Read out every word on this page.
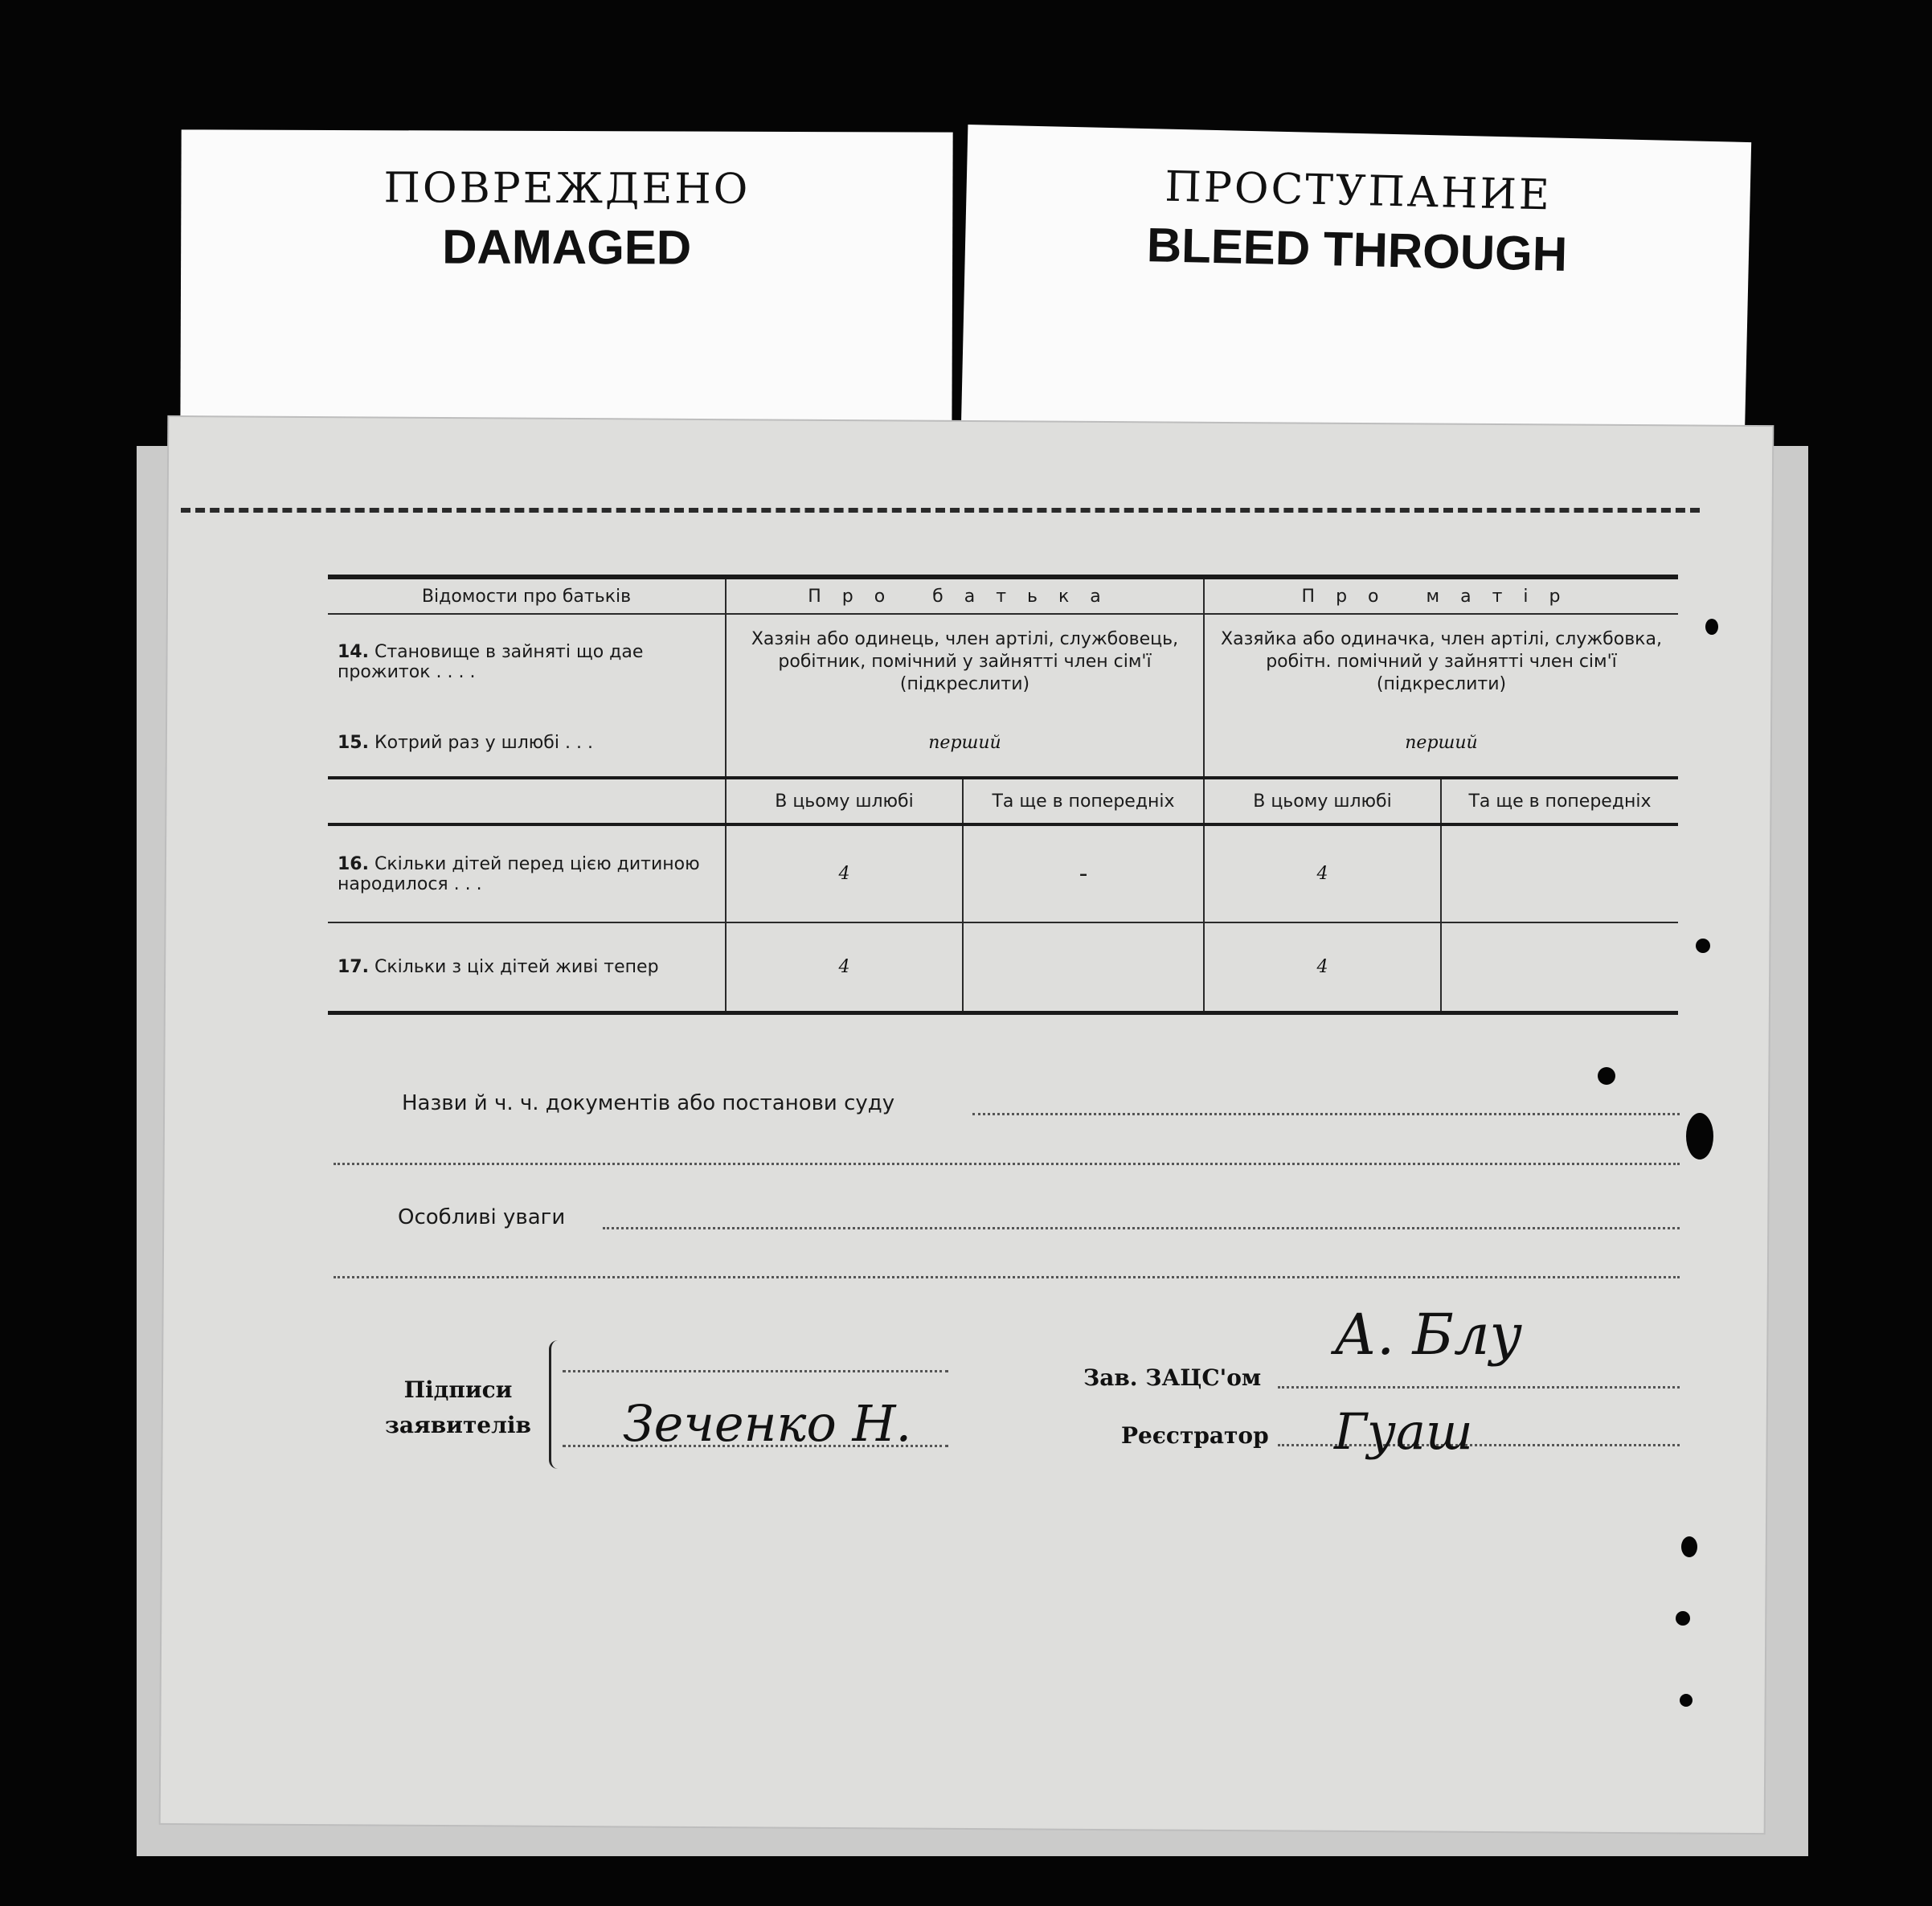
ПОВРЕЖДЕНО
DAMAGED
ПРОСТУПАНИЕ
BLEED THROUGH
Відомости про батьків	Про батька		Про матір	
14. Становище в зайняті що дае прожиток . . . .	Хазяін або одинець, член артілі, службовець, робітник, помічний у зайнятті член сім'ї (підкреслити)		Хазяйка або одиначка, член артілі, службовка, робітн. помічний у зайнятті член сім'ї (підкреслити)	
15. Котрий раз у шлюбі . . .	перший		перший	
	В цьому шлюбі	Та ще в попередніх	В цьому шлюбі	Та ще в попередніх
16. Скільки дітей перед цією дитиною народилося . . .	4	-	4	
17. Скільки з ціх дітей живі тепер	4		4	
Назви й ч. ч. документів або постанови суду
Особливі уваги
Підписи
заявителів Зеченко Н.
Зав. ЗАЦС'ом
А. Блу
Реєстратор Гуаш
